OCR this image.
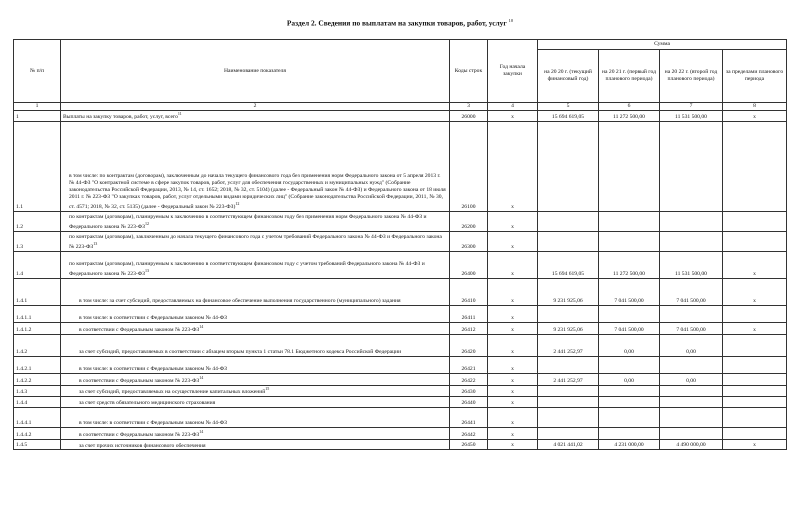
Раздел 2. Сведения по выплатам на закупки товаров, работ, услуг $^{10}$
№ п/п	Наименование показателя	Коды строк	Год начала закупки	Сумма			
				на 20 20 г. (текущий финансовый год)	на 20 21 г. (первый год планового периода)	на 20 22 г. (второй год планового периода)	за пределами планового периода
1	2	3	4	5	6	7	8
1	Выплаты на закупку товаров, работ, услуг, всего$^{11}$	26000	x	15 694 619,05	11 272 500,00	11 531 500,00	x
1.1	в том числе: по контрактам (договорам), заключенным до начала текущего финансового года без применения норм Федерального закона от 5 апреля 2013 г. № 44-ФЗ "О контрактной системе в сфере закупок товаров, работ, услуг для обеспечения государственных и муниципальных нужд" (Собрание законодательства Российской Федерации, 2013, № 14, ст. 1652; 2018, № 32, ст. 5104) (далее - Федеральный закон № 44-ФЗ) и Федерального закона от 18 июля 2011 г. № 223-ФЗ "О закупках товаров, работ, услуг отдельными видами юридических лиц" (Собрание законодательства Российской Федерации, 2011, № 30, ст. 4571; 2018, № 32, ст. 5135) (далее - Федеральный закон № 223-ФЗ)$^{12}$	26100	x				
1.2	по контрактам (договорам), планируемым к заключению в соответствующем финансовом году без применения норм Федерального закона № 44-ФЗ и Федерального закона № 223-ФЗ$^{12}$	26200	x				
1.3	по контрактам (договорам), заключенным до начала текущего финансового года с учетом требований Федерального закона № 44-ФЗ и Федерального закона № 223-ФЗ$^{13}$	26300	x				
1.4	по контрактам (договорам), планируемым к заключению в соответствующем финансовом году с учетом требований Федерального закона № 44-ФЗ и Федерального закона № 223-ФЗ$^{13}$	26400	x	15 694 619,05	11 272 500,00	11 531 500,00	x
1.4.1	в том числе: за счет субсидий, предоставляемых на финансовое обеспечение выполнения государственного (муниципального) задания	26410	x	9 231 925,06	7 041 500,00	7 041 500,00	x
1.4.1.1	в том числе: в соответствии с Федеральным законом № 44-ФЗ	26411	x				
1.4.1.2	в соответствии с Федеральным законом № 223-ФЗ$^{14}$	26412	x	9 231 925,06	7 041 500,00	7 041 500,00	x
1.4.2	за счет субсидий, предоставляемых в соответствии с абзацем вторым пункта 1 статьи 78.1 Бюджетного кодекса Российской Федерации	26420	x	2 441 252,97	0,00	0,00	
1.4.2.1	в том числе: в соответствии с Федеральным законом № 44-ФЗ	26421	x				
1.4.2.2	в соответствии с Федеральным законом № 223-ФЗ$^{14}$	26422	x	2 441 252,97	0,00	0,00	
1.4.3	за счет субсидий, предоставляемых на осуществление капитальных вложений$^{15}$	26430	x				
1.4.4	за счет средств обязательного медицинского страхования	26440	x				
1.4.4.1	в том числе: в соответствии с Федеральным законом № 44-ФЗ	26441	x				
1.4.4.2	в соответствии с Федеральным законом № 223-ФЗ$^{14}$	26442	x				
1.4.5	за счет прочих источников финансового обеспечения	26450	x	4 021 441,02	4 231 000,00	4 490 000,00	x
